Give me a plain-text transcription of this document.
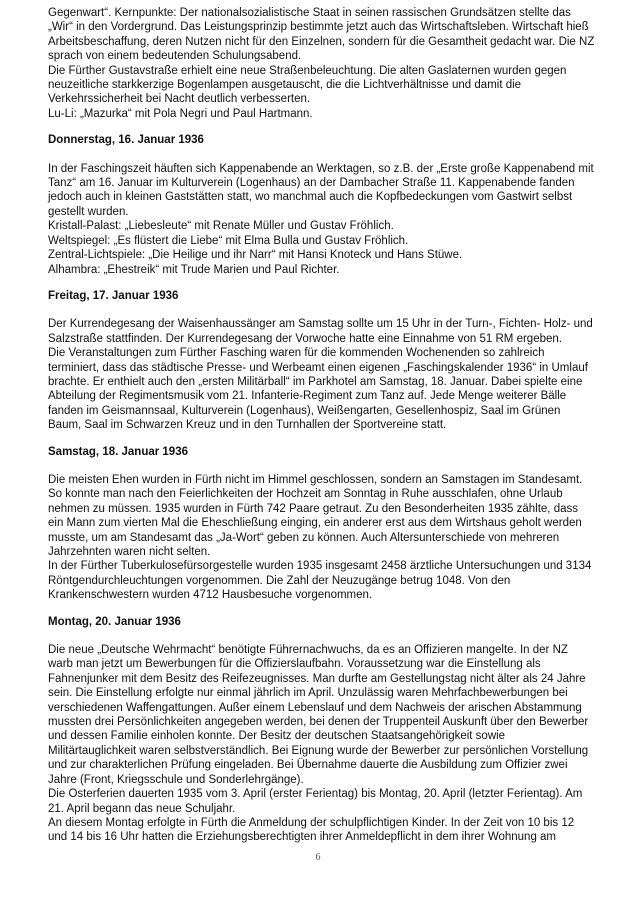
Gegenwart“. Kernpunkte: Der nationalsozialistische Staat in seinen rassischen Grundsätzen stellte das „Wir“ in den Vordergrund. Das Leistungsprinzip bestimmte jetzt auch das Wirtschaftsleben. Wirtschaft hieß Arbeitsbeschaffung, deren Nutzen nicht für den Einzelnen, sondern für die Gesamtheit gedacht war. Die NZ sprach von einem bedeutenden Schulungsabend.

Die Fürther Gustavstraße erhielt eine neue Straßenbeleuchtung. Die alten Gaslaternen wurden gegen neuzeitliche starkkerzige Bogenlampen ausgetauscht, die die Lichtverhältnisse und damit die Verkehrssicherheit bei Nacht deutlich verbesserten.

Lu-Li: „Mazurka“ mit Pola Negri und Paul Hartmann.

Donnerstag, 16. Januar 1936

In der Faschingszeit häuften sich Kappenabende an Werktagen, so z.B. der „Erste große Kappenabend mit Tanz“ am 16. Januar im Kulturverein (Logenhaus) an der Dambacher Straße 11. Kappenabende fanden jedoch auch in kleinen Gaststätten statt, wo manchmal auch die Kopfbedeckungen vom Gastwirt selbst gestellt wurden.

Kristall-Palast: „Liebesleute“ mit Renate Müller und Gustav Fröhlich.

Weltspiegel: „Es flüstert die Liebe“ mit Elma Bulla und Gustav Fröhlich.

Zentral-Lichtspiele: „Die Heilige und ihr Narr“ mit Hansi Knoteck und Hans Stüwe.

Alhambra: „Ehestreik“ mit Trude Marien und Paul Richter.

Freitag, 17. Januar 1936

Der Kurrendegesang der Waisenhaussänger am Samstag sollte um 15 Uhr in der Turn-, Fichten- Holz- und Salzstraße stattfinden. Der Kurrendegesang der Vorwoche hatte eine Einnahme von 51 RM ergeben.

Die Veranstaltungen zum Fürther Fasching waren für die kommenden Wochenenden so zahlreich terminiert, dass das städtische Presse- und Werbeamt einen eigenen „Faschingskalender 1936“ in Umlauf brachte. Er enthielt auch den „ersten Militärball“ im Parkhotel am Samstag, 18. Januar. Dabei spielte eine Abteilung der Regimentsmusik vom 21. Infanterie-Regiment zum Tanz auf. Jede Menge weiterer Bälle fanden im Geismannsaal, Kulturverein (Logenhaus), Weißengarten, Gesellenhospiz, Saal im Grünen Baum, Saal im Schwarzen Kreuz und in den Turnhallen der Sportvereine statt.

Samstag, 18. Januar 1936

Die meisten Ehen wurden in Fürth nicht im Himmel geschlossen, sondern an Samstagen im Standesamt. So konnte man nach den Feierlichkeiten der Hochzeit am Sonntag in Ruhe ausschlafen, ohne Urlaub nehmen zu müssen. 1935 wurden in Fürth 742 Paare getraut. Zu den Besonderheiten 1935 zählte, dass ein Mann zum vierten Mal die Eheschließung einging, ein anderer erst aus dem Wirtshaus geholt werden musste, um am Standesamt das „Ja-Wort“ geben zu können. Auch Altersunterschiede von mehreren Jahrzehnten waren nicht selten.

In der Fürther Tuberkulosefürsorgestelle wurden 1935 insgesamt 2458 ärztliche Untersuchungen und 3134 Röntgendurchleuchtungen vorgenommen. Die Zahl der Neuzugänge betrug 1048. Von den Krankenschwestern wurden 4712 Hausbesuche vorgenommen.

Montag, 20. Januar 1936

Die neue „Deutsche Wehrmacht“ benötigte Führernachwuchs, da es an Offizieren mangelte. In der NZ warb man jetzt um Bewerbungen für die Offizierslaufbahn. Voraussetzung war die Einstellung als Fahnenjunker mit dem Besitz des Reifezeugnisses. Man durfte am Gestellungstag nicht älter als 24 Jahre sein. Die Einstellung erfolgte nur einmal jährlich im April. Unzulässig waren Mehrfachbewerbungen bei verschiedenen Waffengattungen. Außer einem Lebenslauf und dem Nachweis der arischen Abstammung mussten drei Persönlichkeiten angegeben werden, bei denen der Truppenteil Auskunft über den Bewerber und dessen Familie einholen konnte. Der Besitz der deutschen Staatsangehörigkeit sowie Militärtauglichkeit waren selbstverständlich. Bei Eignung wurde der Bewerber zur persönlichen Vorstellung und zur charakterlichen Prüfung eingeladen. Bei Übernahme dauerte die Ausbildung zum Offizier zwei Jahre (Front, Kriegsschule und Sonderlehrgänge).

Die Osterferien dauerten 1935 vom 3. April (erster Ferientag) bis Montag, 20. April (letzter Ferientag). Am 21. April begann das neue Schuljahr.

An diesem Montag erfolgte in Fürth die Anmeldung der schulpflichtigen Kinder. In der Zeit von 10 bis 12 und 14 bis 16 Uhr hatten die Erziehungsberechtigten ihrer Anmeldepflicht in dem ihrer Wohnung am

6
